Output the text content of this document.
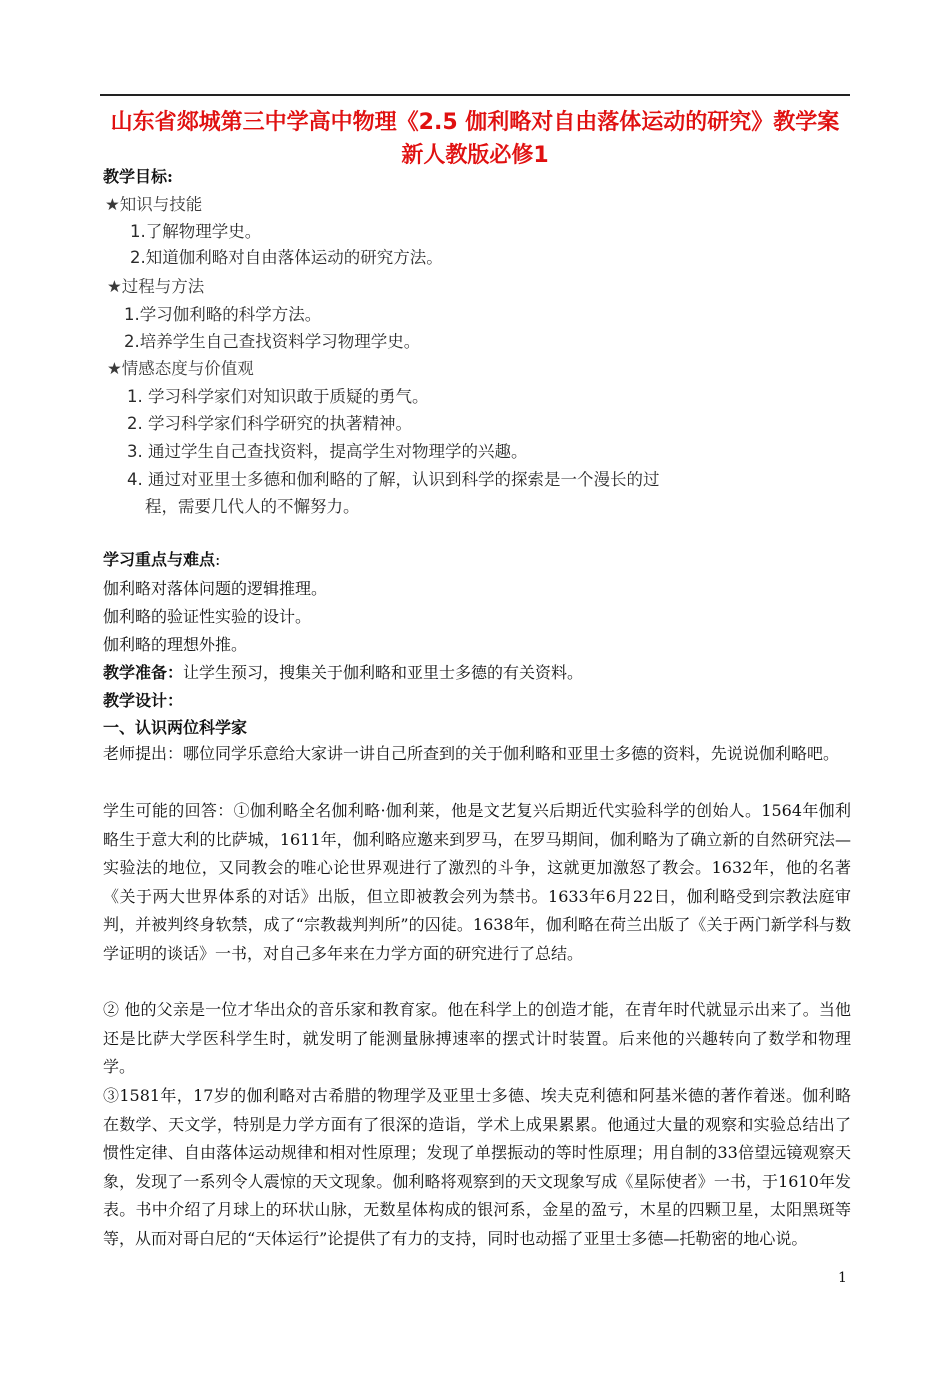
山东省郯城第三中学高中物理《2.5 伽利略对自由落体运动的研究》教学案 新人教版必修1
教学目标:
★知识与技能
1.了解物理学史。
2.知道伽利略对自由落体运动的研究方法。
★过程与方法
1.学习伽利略的科学方法。
2.培养学生自己查找资料学习物理学史。
★情感态度与价值观
1. 学习科学家们对知识敢于质疑的勇气。
2. 学习科学家们科学研究的执著精神。
3. 通过学生自己查找资料，提高学生对物理学的兴趣。
4. 通过对亚里士多德和伽利略的了解，认识到科学的探索是一个漫长的过
程，需要几代人的不懈努力。
学习重点与难点:
伽利略对落体问题的逻辑推理。
伽利略的验证性实验的设计。
伽利略的理想外推。
教学准备：让学生预习，搜集关于伽利略和亚里士多德的有关资料。
教学设计：
一、认识两位科学家
老师提出：哪位同学乐意给大家讲一讲自己所查到的关于伽利略和亚里士多德的资料，先说说伽利略吧。
学生可能的回答：①伽利略全名伽利略·伽利莱，他是文艺复兴后期近代实验科学的创始人。1564年伽利略生于意大利的比萨城，1611年，伽利略应邀来到罗马，在罗马期间，伽利略为了确立新的自然研究法—实验法的地位，又同教会的唯心论世界观进行了激烈的斗争，这就更加激怒了教会。1632年，他的名著《关于两大世界体系的对话》出版，但立即被教会列为禁书。1633年6月22日，伽利略受到宗教法庭审判，并被判终身软禁，成了“宗教裁判判所”的囚徒。1638年，伽利略在荷兰出版了《关于两门新学科与数学证明的谈话》一书，对自己多年来在力学方面的研究进行了总结。
② 他的父亲是一位才华出众的音乐家和教育家。他在科学上的创造才能，在青年时代就显示出来了。当他还是比萨大学医科学生时，就发明了能测量脉搏速率的摆式计时装置。后来他的兴趣转向了数学和物理学。
③1581年，17岁的伽利略对古希腊的物理学及亚里士多德、埃夫克利德和阿基米德的著作着迷。伽利略在数学、天文学，特别是力学方面有了很深的造诣，学术上成果累累。他通过大量的观察和实验总结出了惯性定律、自由落体运动规律和相对性原理；发现了单摆振动的等时性原理；用自制的33倍望远镜观察天象，发现了一系列令人震惊的天文现象。伽利略将观察到的天文现象写成《星际使者》一书，于1610年发表。书中介绍了月球上的环状山脉，无数星体构成的银河系，金星的盈亏，木星的四颗卫星，太阳黑斑等等，从而对哥白尼的“天体运行”论提供了有力的支持，同时也动摇了亚里士多德—托勒密的地心说。
1
